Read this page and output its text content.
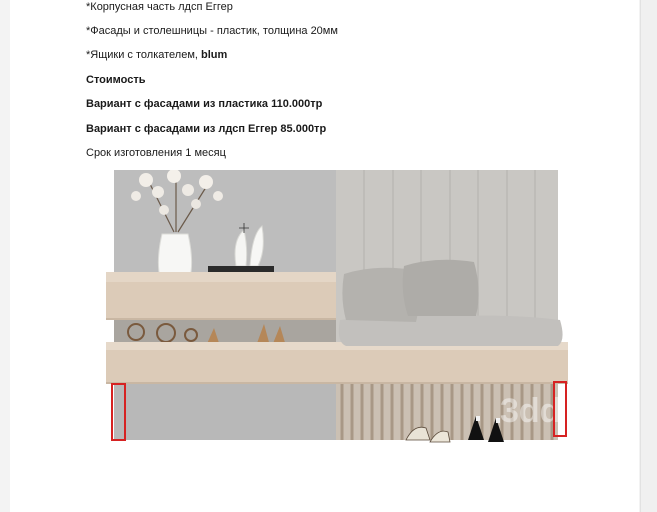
*Корпусная часть лдсп Еггер
*Фасады и столешницы - пластик, толщина 20мм
*Ящики с толкателем, blum
Стоимость
Вариант с фасадами из пластика 110.000тр
Вариант с фасадами из лдсп Еггер 85.000тр
Срок изготовления 1 месяц
3dd
